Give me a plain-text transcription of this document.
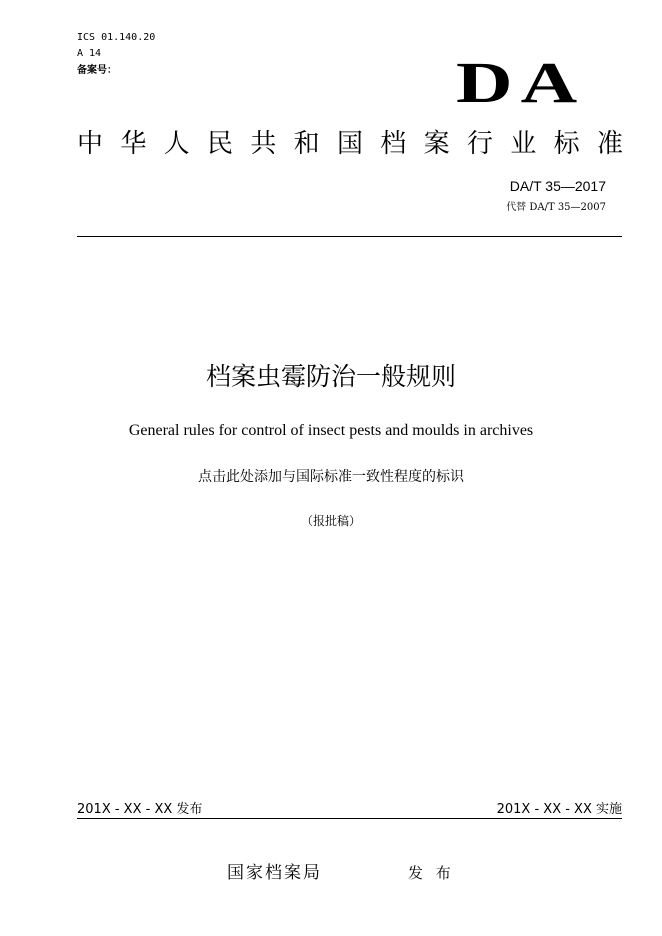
ICS 01.140.20
A 14
备案号：	DA
中 华 人 民 共 和 国 档 案 行 业 标 准
DA/T 35—2017
代替 DA/T 35—2007
档案虫霉防治一般规则
General rules for control of insect pests and moulds in archives
点击此处添加与国际标准一致性程度的标识
（报批稿）
201X - XX - XX 发布	201X - XX - XX 实施
国家档案局	发 布
